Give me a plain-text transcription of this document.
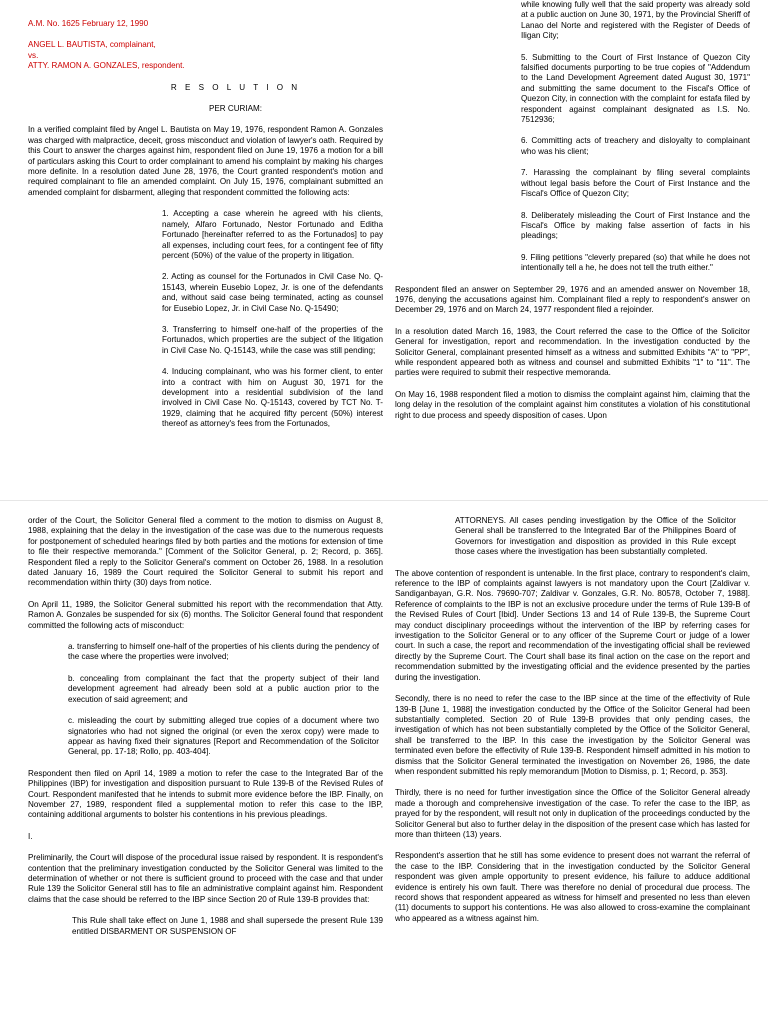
A.M. No. 1625 February 12, 1990

ANGEL L. BAUTISTA, complainant,

vs.

ATTY. RAMON A. GONZALES, respondent.

R E S O L U T I O N

PER CURIAM:

In a verified complaint filed by Angel L. Bautista on May 19, 1976, respondent Ramon A. Gonzales was charged with malpractice, deceit, gross misconduct and violation of lawyer's oath. Required by this Court to answer the charges against him, respondent filed on June 19, 1976 a motion for a bill of particulars asking this Court to order complainant to amend his complaint by making his charges more definite. In a resolution dated June 28, 1976, the Court granted respondent's motion and required complainant to file an amended complaint. On July 15, 1976, complainant submitted an amended complaint for disbarment, alleging that respondent committed the following acts:

1. Accepting a case wherein he agreed with his clients, namely, Alfaro Fortunado, Nestor Fortunado and Editha Fortunado [hereinafter referred to as the Fortunados] to pay all expenses, including court fees, for a contingent fee of fifty percent (50%) of the value of the property in litigation.

2. Acting as counsel for the Fortunados in Civil Case No. Q-15143, wherein Eusebio Lopez, Jr. is one of the defendants and, without said case being terminated, acting as counsel for Eusebio Lopez, Jr. in Civil Case No. Q-15490;

3. Transferring to himself one-half of the properties of the Fortunados, which properties are the subject of the litigation in Civil Case No. Q-15143, while the case was still pending;

4. Inducing complainant, who was his former client, to enter into a contract with him on August 30, 1971 for the development into a residential subdivision of the land involved in Civil Case No. Q-15143, covered by TCT No. T-1929, claiming that he acquired fifty percent (50%) interest thereof as attorney's fees from the Fortunados,

while knowing fully well that the said property was already sold at a public auction on June 30, 1971, by the Provincial Sheriff of Lanao del Norte and registered with the Register of Deeds of Iligan City;

5. Submitting to the Court of First Instance of Quezon City falsified documents purporting to be true copies of "Addendum to the Land Development Agreement dated August 30, 1971" and submitting the same document to the Fiscal's Office of Quezon City, in connection with the complaint for estafa filed by respondent against complainant designated as I.S. No. 7512936;

6. Committing acts of treachery and disloyalty to complainant who was his client;

7. Harassing the complainant by filing several complaints without legal basis before the Court of First Instance and the Fiscal's Office of Quezon City;

8. Deliberately misleading the Court of First Instance and the Fiscal's Office by making false assertion of facts in his pleadings;

9. Filing petitions "cleverly prepared (so) that while he does not intentionally tell a he, he does not tell the truth either."

Respondent filed an answer on September 29, 1976 and an amended answer on November 18, 1976, denying the accusations against him. Complainant filed a reply to respondent's answer on December 29, 1976 and on March 24, 1977 respondent filed a rejoinder.

In a resolution dated March 16, 1983, the Court referred the case to the Office of the Solicitor General for investigation, report and recommendation. In the investigation conducted by the Solicitor General, complainant presented himself as a witness and submitted Exhibits "A" to "PP", while respondent appeared both as witness and counsel and submitted Exhibits "1" to "11". The parties were required to submit their respective memoranda.

On May 16, 1988 respondent filed a motion to dismiss the complaint against him, claiming that the long delay in the resolution of the complaint against him constitutes a violation of his constitutional right to due process and speedy disposition of cases. Upon

order of the Court, the Solicitor General filed a comment to the motion to dismiss on August 8, 1988, explaining that the delay in the investigation of the case was due to the numerous requests for postponement of scheduled hearings filed by both parties and the motions for extension of time to file their respective memoranda." [Comment of the Solicitor General, p. 2; Record, p. 365]. Respondent filed a reply to the Solicitor General's comment on October 26, 1988. In a resolution dated January 16, 1989 the Court required the Solicitor General to submit his report and recommendation within thirty (30) days from notice.

On April 11, 1989, the Solicitor General submitted his report with the recommendation that Atty. Ramon A. Gonzales be suspended for six (6) months. The Solicitor General found that respondent committed the following acts of misconduct:

a. transferring to himself one-half of the properties of his clients during the pendency of the case where the properties were involved;

b. concealing from complainant the fact that the property subject of their land development agreement had already been sold at a public auction prior to the execution of said agreement; and

c. misleading the court by submitting alleged true copies of a document where two signatories who had not signed the original (or even the xerox copy) were made to appear as having fixed their signatures [Report and Recommendation of the Solicitor General, pp. 17-18; Rollo, pp. 403-404].

Respondent then filed on April 14, 1989 a motion to refer the case to the Integrated Bar of the Philippines (IBP) for investigation and disposition pursuant to Rule 139-B of the Revised Rules of Court. Respondent manifested that he intends to submit more evidence before the IBP. Finally, on November 27, 1989, respondent filed a supplemental motion to refer this case to the IBP, containing additional arguments to bolster his contentions in his previous pleadings.

I.

Preliminarily, the Court will dispose of the procedural issue raised by respondent. It is respondent's contention that the preliminary investigation conducted by the Solicitor General was limited to the determination of whether or not there is sufficient ground to proceed with the case and that under Rule 139 the Solicitor General still has to file an administrative complaint against him. Respondent claims that the case should be referred to the IBP since Section 20 of Rule 139-B provides that:

This Rule shall take effect on June 1, 1988 and shall supersede the present Rule 139 entitled DISBARMENT OR SUSPENSION OF

ATTORNEYS. All cases pending investigation by the Office of the Solicitor General shall be transferred to the Integrated Bar of the Philippines Board of Governors for investigation and disposition as provided in this Rule except those cases where the investigation has been substantially completed.

The above contention of respondent is untenable. In the first place, contrary to respondent's claim, reference to the IBP of complaints against lawyers is not mandatory upon the Court [Zaldivar v. Sandiganbayan, G.R. Nos. 79690-707; Zaldivar v. Gonzales, G.R. No. 80578, October 7, 1988]. Reference of complaints to the IBP is not an exclusive procedure under the terms of Rule 139-B of the Revised Rules of Court [Ibid]. Under Sections 13 and 14 of Rule 139-B, the Supreme Court may conduct disciplinary proceedings without the intervention of the IBP by referring cases for investigation to the Solicitor General or to any officer of the Supreme Court or judge of a lower court. In such a case, the report and recommendation of the investigating official shall be reviewed directly by the Supreme Court. The Court shall base its final action on the case on the report and recommendation submitted by the investigating official and the evidence presented by the parties during the investigation.

Secondly, there is no need to refer the case to the IBP since at the time of the effectivity of Rule 139-B [June 1, 1988] the investigation conducted by the Office of the Solicitor General had been substantially completed. Section 20 of Rule 139-B provides that only pending cases, the investigation of which has not been substantially completed by the Office of the Solicitor General, shall be transferred to the IBP. In this case the investigation by the Solicitor General was terminated even before the effectivity of Rule 139-B. Respondent himself admitted in his motion to dismiss that the Solicitor General terminated the investigation on November 26, 1986, the date when respondent submitted his reply memorandum [Motion to Dismiss, p. 1; Record, p. 353].

Thirdly, there is no need for further investigation since the Office of the Solicitor General already made a thorough and comprehensive investigation of the case. To refer the case to the IBP, as prayed for by the respondent, will result not only in duplication of the proceedings conducted by the Solicitor General but also to further delay in the disposition of the present case which has lasted for more than thirteen (13) years.

Respondent's assertion that he still has some evidence to present does not warrant the referral of the case to the IBP. Considering that in the investigation conducted by the Solicitor General respondent was given ample opportunity to present evidence, his failure to adduce additional evidence is entirely his own fault. There was therefore no denial of procedural due process. The record shows that respondent appeared as witness for himself and presented no less than eleven (11) documents to support his contentions. He was also allowed to cross-examine the complainant who appeared as a witness against him.
